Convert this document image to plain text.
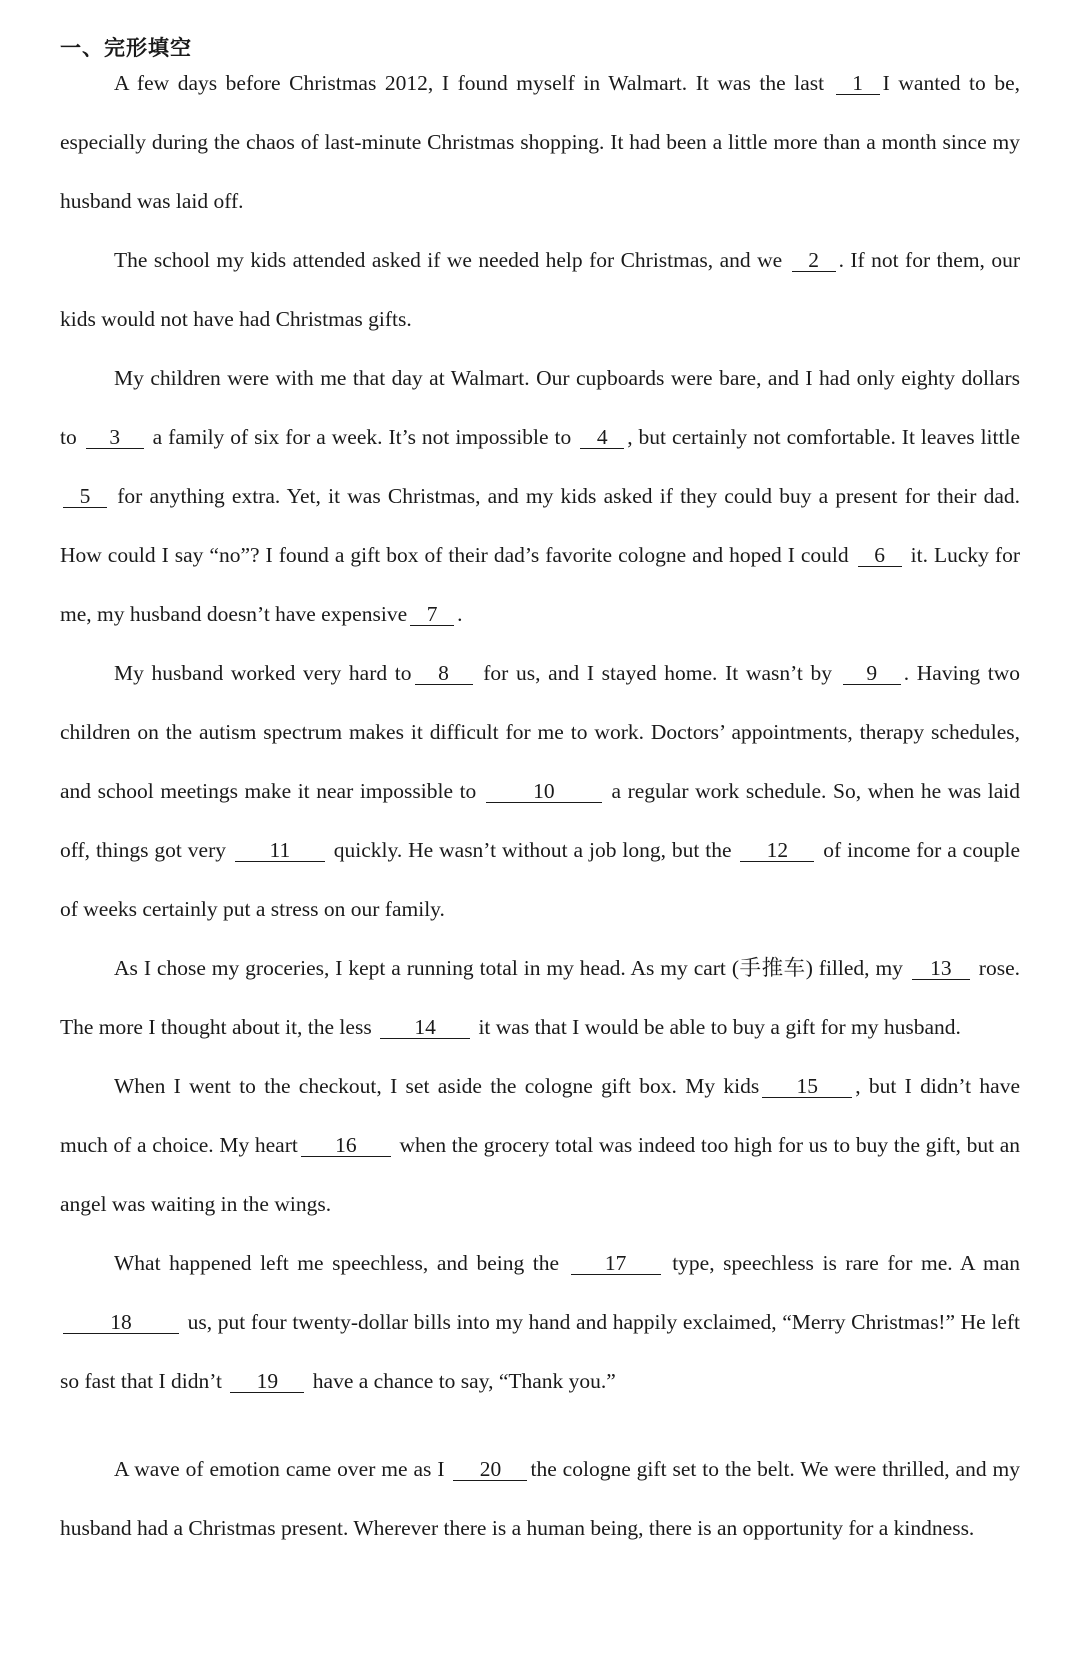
一、完形填空

A few days before Christmas 2012, I found myself in Walmart. It was the last 1 I wanted to be, especially during the chaos of last-minute Christmas shopping. It had been a little more than a month since my husband was laid off.

The school my kids attended asked if we needed help for Christmas, and we 2 . If not for them, our kids would not have had Christmas gifts.

My children were with me that day at Walmart. Our cupboards were bare, and I had only eighty dollars to 3 a family of six for a week. It’s not impossible to 4 , but certainly not comfortable. It leaves little 5 for anything extra. Yet, it was Christmas, and my kids asked if they could buy a present for their dad. How could I say “no”? I found a gift box of their dad’s favorite cologne and hoped I could 6 it. Lucky for me, my husband doesn’t have expensive 7 .

My husband worked very hard to 8 for us, and I stayed home. It wasn’t by 9 . Having two children on the autism spectrum makes it difficult for me to work. Doctors’ appointments, therapy schedules, and school meetings make it near impossible to 10 a regular work schedule. So, when he was laid off, things got very 11 quickly. He wasn’t without a job long, but the 12 of income for a couple of weeks certainly put a stress on our family.

As I chose my groceries, I kept a running total in my head. As my cart (手推车) filled, my 13 rose. The more I thought about it, the less 14 it was that I would be able to buy a gift for my husband.

When I went to the checkout, I set aside the cologne gift box. My kids 15 , but I didn’t have much of a choice. My heart 16 when the grocery total was indeed too high for us to buy the gift, but an angel was waiting in the wings.

What happened left me speechless, and being the 17 type, speechless is rare for me. A man18 us, put four twenty-dollar bills into my hand and happily exclaimed, “Merry Christmas!” He left so fast that I didn’t 19 have a chance to say, “Thank you.”

A wave of emotion came over me as I 20 the cologne gift set to the belt. We were thrilled, and my husband had a Christmas present. Wherever there is a human being, there is an opportunity for a kindness.
